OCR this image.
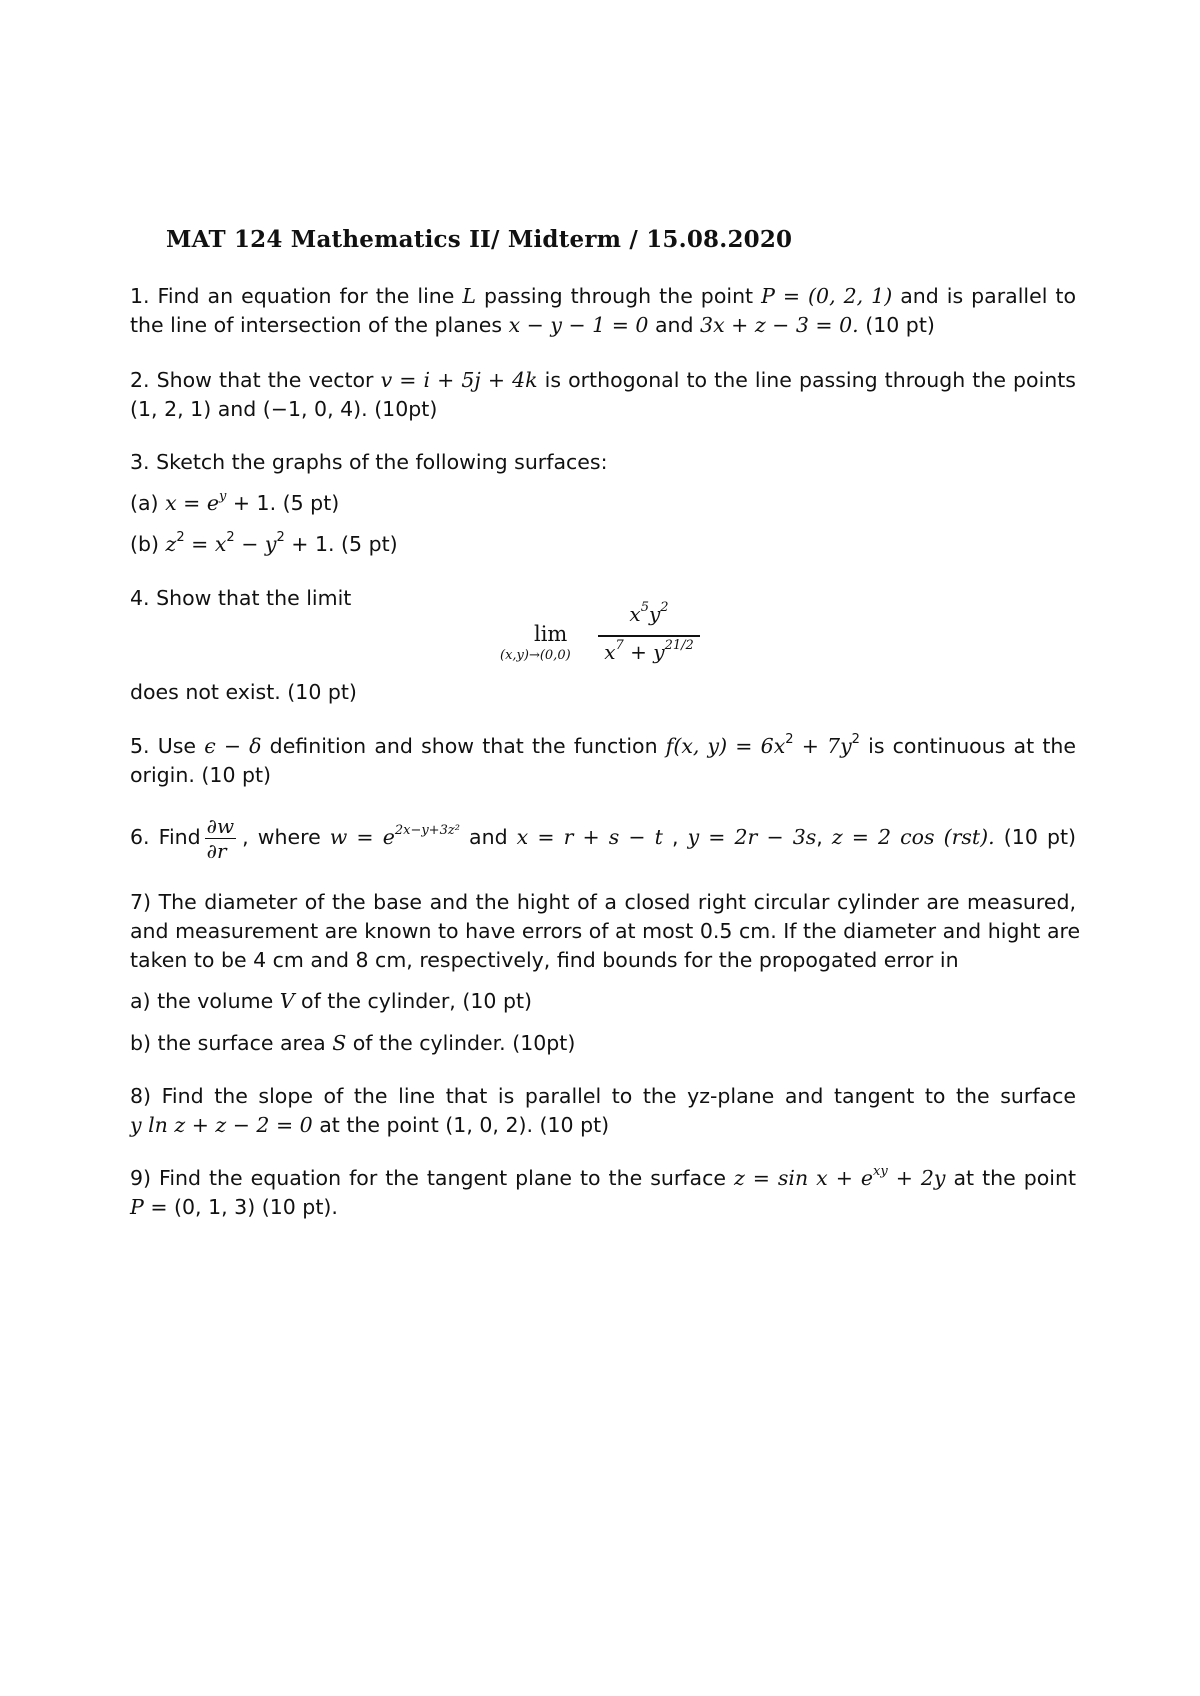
MAT 124 Mathematics II/ Midterm / 15.08.2020
1. Find an equation for the line L passing through the point P = (0, 2, 1) and is parallel to
the line of intersection of the planes x − y − 1 = 0 and 3x + z − 3 = 0. (10 pt)
2. Show that the vector v = i + 5j + 4k is orthogonal to the line passing through the points
(1, 2, 1) and (−1, 0, 4). (10pt)
3. Sketch the graphs of the following surfaces:
(a) $x = e^y + 1$. (5 pt)
(b) $z^2 = x^2 - y^2 + 1$. (5 pt)
4. Show that the limit
lim
(x,y)→(0,0)
$x^5y^2$
$x^7 + y^{21/2}$
does not exist. (10 pt)
5. Use ϵ − δ definition and show that the function f(x, $y) = 6x^2 + 7y^2$ is continuous at the
origin. (10 pt)
6. Find $\frac{\partial w}{\partial r}$ , where $w = e^{2x-y+3z^2}$ and x = r + s − t , y = 2r − 3s, z = 2 cos (rst). (10 pt)
7) The diameter of the base and the hight of a closed right circular cylinder are measured,
and measurement are known to have errors of at most 0.5 cm. If the diameter and hight are
taken to be 4 cm and 8 cm, respectively, find bounds for the propogated error in
a) the volume V of the cylinder, (10 pt)
b) the surface area S of the cylinder. (10pt)
8) Find the slope of the line that is parallel to the yz-plane and tangent to the surface
y ln z + z − 2 = 0 at the point (1, 0, 2). (10 pt)
9) Find the equation for the tangent plane to the surface $z = \sin x + e^{xy} + 2y$ at the point
P = (0, 1, 3) (10 pt).
